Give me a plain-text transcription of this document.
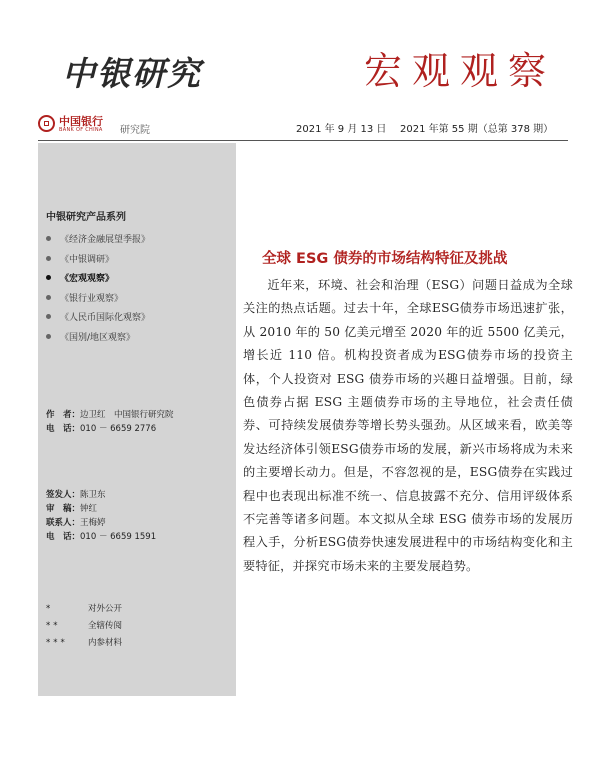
中银研究	宏观观察
中国银行
BANK OF CHINA 研究院	2021 年 9 月 13 日 2021 年第 55 期（总第 378 期）
中银研究产品系列
《经济金融展望季报》
《中银调研》
《宏观观察》
《银行业观察》
《人民币国际化观察》
《国别/地区观察》
作　者：边卫红　中国银行研究院
电　话：010 － 6659 2776
签发人：陈卫东
审　稿：钟红
联系人：王梅婷
电　话：010 － 6659 1591
*	对外公开
**	全辖传阅
***	内参材料
全球 ESG 债券的市场结构特征及挑战

近年来，环境、社会和治理（ESG）问题日益成为全球关注的热点话题。过去十年，全球ESG债券市场迅速扩张，从 2010 年的 50 亿美元增至 2020 年的近 5500 亿美元，增长近 110 倍。机构投资者成为ESG债券市场的投资主体，个人投资对 ESG 债券市场的兴趣日益增强。目前，绿色债券占据 ESG 主题债券市场的主导地位，社会责任债券、可持续发展债券等增长势头强劲。从区域来看，欧美等发达经济体引领ESG债券市场的发展，新兴市场将成为未来的主要增长动力。但是，不容忽视的是，ESG债券在实践过程中也表现出标准不统一、信息披露不充分、信用评级体系不完善等诸多问题。本文拟从全球 ESG 债券市场的发展历程入手，分析ESG债券快速发展进程中的市场结构变化和主要特征，并探究市场未来的主要发展趋势。
